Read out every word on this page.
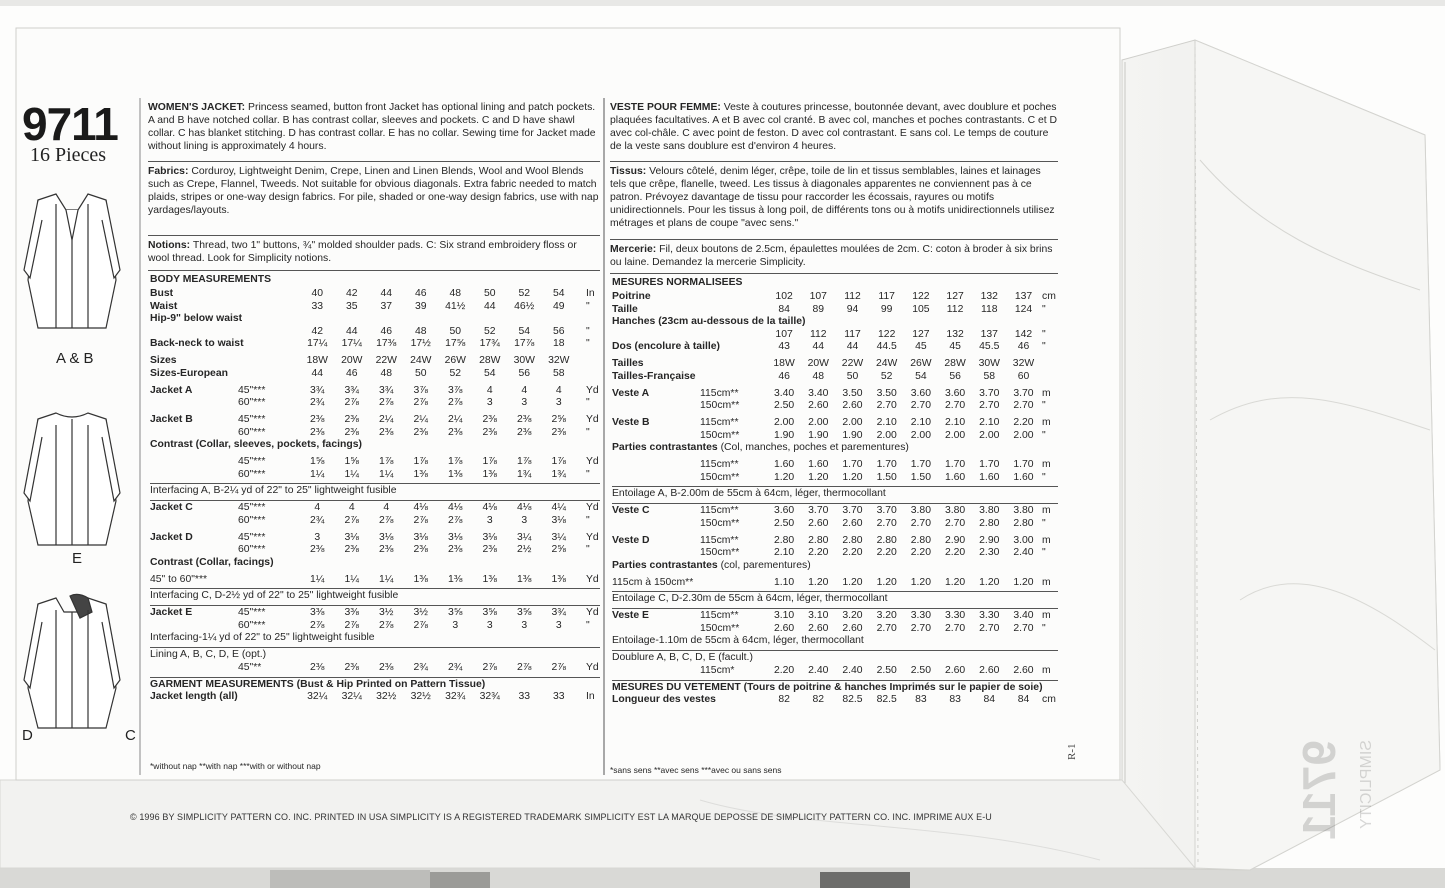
9711 SIMPLICITY
R-1
9711
16 Pieces
A & B
E
D	C
WOMEN'S JACKET: Princess seamed, button front Jacket has optional lining and patch pockets. A and B have notched collar. B has contrast collar, sleeves and pockets. C and D have shawl collar. C has blanket stitching. D has contrast collar. E has no collar. Sewing time for Jacket made without lining is approximately 4 hours.
Fabrics: Corduroy, Lightweight Denim, Crepe, Linen and Linen Blends, Wool and Wool Blends such as Crepe, Flannel, Tweeds. Not suitable for obvious diagonals. Extra fabric needed to match plaids, stripes or one-way design fabrics. For pile, shaded or one-way design fabrics, use with nap yardages/layouts.
Notions: Thread, two 1" buttons, ¾" molded shoulder pads. C: Six strand embroidery floss or wool thread. Look for Simplicity notions.
BODY MEASUREMENTS
VESTE POUR FEMME: Veste à coutures princesse, boutonnée devant, avec doublure et poches plaquées facultatives. A et B avec col cranté. B avec col, manches et poches contrastants. C et D avec col-châle. C avec point de feston. D avec col contrastant. E sans col. Le temps de couture de la veste sans doublure est d'environ 4 heures.
Tissus: Velours côtelé, denim léger, crêpe, toile de lin et tissus semblables, laines et lainages tels que crêpe, flanelle, tweed. Les tissus à diagonales apparentes ne conviennent pas à ce patron. Prévoyez davantage de tissu pour raccorder les écossais, rayures ou motifs unidirectionnels. Pour les tissus à long poil, de différents tons ou à motifs unidirectionnels utilisez métrages et plans de coupe "avec sens."
Mercerie: Fil, deux boutons de 2.5cm, épaulettes moulées de 2cm. C: coton à broder à six brins ou laine. Demandez la mercerie Simplicity.
MESURES NORMALISEES
Bust	40	42	44	46	48	50	52	54	In
Waist	33	35	37	39	41½	44	46½	49	"
Hip-9" below waist
42	44	46	48	50	52	54	56	"
Back-neck to waist	17¼	17¼	17⅜	17½	17⅝	17¾	17⅞	18	"
Sizes	18W	20W	22W	24W	26W	28W	30W	32W
Sizes-European	44	46	48	50	52	54	56	58
Jacket A	45"***	3¾	3¾	3¾	3⅞	3⅞	4	4	4	Yd
60"***	2¾	2⅞	2⅞	2⅞	2⅞	3	3	3	"
Jacket B	45"***	2⅜	2⅜	2¼	2¼	2¼	2⅜	2⅜	2⅝	Yd
60"***	2⅜	2⅜	2⅜	2⅜	2⅜	2⅜	2⅜	2⅜	"
Contrast (Collar, sleeves, pockets, facings)
45"***	1⅝	1⅝	1⅞	1⅞	1⅞	1⅞	1⅞	1⅞	Yd
60"***	1¼	1¼	1¼	1⅜	1⅜	1⅜	1¾	1¾	"
Interfacing A, B-2¼ yd of 22" to 25" lightweight fusible
Jacket C	45"***	4	4	4	4⅛	4⅛	4⅛	4⅛	4¼	Yd
60"***	2¾	2⅞	2⅞	2⅞	2⅞	3	3	3⅛	"
Jacket D	45"***	3	3⅛	3⅛	3⅛	3⅛	3⅛	3¼	3¼	Yd
60"***	2⅜	2⅜	2⅜	2⅜	2⅜	2⅜	2½	2⅝	"
Contrast (Collar, facings)
45" to 60"***	1¼	1¼	1¼	1⅜	1⅜	1⅜	1⅜	1⅜	Yd
Interfacing C, D-2½ yd of 22" to 25" lightweight fusible
Jacket E	45"***	3⅜	3⅜	3½	3½	3⅝	3⅝	3⅝	3¾	Yd
60"***	2⅞	2⅞	2⅞	2⅞	3	3	3	3	"
Interfacing-1¼ yd of 22" to 25" lightweight fusible
Lining A, B, C, D, E (opt.)
45"**	2⅜	2⅜	2⅜	2¾	2¾	2⅞	2⅞	2⅞	Yd
GARMENT MEASUREMENTS (Bust & Hip Printed on Pattern Tissue)
Jacket length (all)	32¼	32¼	32½	32½	32¾	32¾	33	33	In
Poitrine	102	107	112	117	122	127	132	137 cm
Taille	84	89	94	99	105	112	118	124 "
Hanches (23cm au-dessous de la taille)
107	112	117	122	127	132	137	142 "
Dos (encolure à taille)	43	44	44	44.5	45	45	45.5	46	"
Tailles	18W	20W	22W	24W	26W	28W	30W	32W
Tailles-Française	46	48	50	52	54	56	58	60
Veste A	115cm**	3.40	3.40	3.50	3.50	3.60	3.60	3.70	3.70 m
150cm**	2.50	2.60	2.60	2.70	2.70	2.70	2.70	2.70 "
Veste B	115cm**	2.00	2.00	2.00	2.10	2.10	2.10	2.10	2.20 m
150cm**	1.90	1.90	1.90	2.00	2.00	2.00	2.00	2.00 "
Parties contrastantes (Col, manches, poches et parementures)
115cm**	1.60	1.60	1.70	1.70	1.70	1.70	1.70	1.70 m
150cm**	1.20	1.20	1.20	1.50	1.50	1.60	1.60	1.60 "
Entoilage A, B-2.00m de 55cm à 64cm, léger, thermocollant
Veste C	115cm**	3.60	3.70	3.70	3.70	3.80	3.80	3.80	3.80 m
150cm**	2.50	2.60	2.60	2.70	2.70	2.70	2.80	2.80 "
Veste D	115cm**	2.80	2.80	2.80	2.80	2.80	2.90	2.90	3.00 m
150cm**	2.10	2.20	2.20	2.20	2.20	2.20	2.30	2.40 "
Parties contrastantes (col, parementures)
115cm à 150cm**	1.10	1.20	1.20	1.20	1.20	1.20	1.20	1.20 m
Entoilage C, D-2.30m de 55cm à 64cm, léger, thermocollant
Veste E	115cm**	3.10	3.10	3.20	3.20	3.30	3.30	3.30	3.40 m
150cm**	2.60	2.60	2.60	2.70	2.70	2.70	2.70	2.70 "
Entoilage-1.10m de 55cm à 64cm, léger, thermocollant
Doublure A, B, C, D, E (facult.)
115cm*	2.20	2.40	2.40	2.50	2.50	2.60	2.60	2.60 m
MESURES DU VETEMENT (Tours de poitrine & hanches Imprimés sur le papier de soie)
Longueur des vestes	82	82	82.5	82.5	83	83	84	84	cm
*without nap **with nap ***with or without nap	*sans sens **avec sens ***avec ou sans sens
© 1996 BY SIMPLICITY PATTERN CO. INC. PRINTED IN USA SIMPLICITY IS A REGISTERED TRADEMARK SIMPLICITY EST LA MARQUE DEPOSSE DE SIMPLICITY PATTERN CO. INC. IMPRIME AUX E-U
